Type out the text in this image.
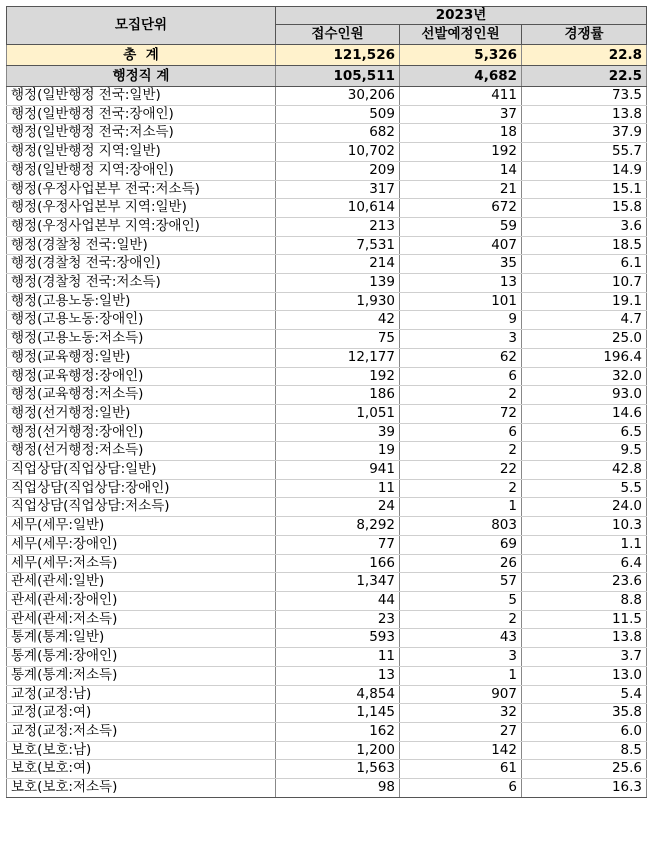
모집단위	2023년		
	접수인원	선발예정인원	경쟁률
총  계	121,526	5,326	22.8
행정직 계	105,511	4,682	22.5
행정(일반행정 전국:일반)	30,206	411	73.5
행정(일반행정 전국:장애인)	509	37	13.8
행정(일반행정 전국:저소득)	682	18	37.9
행정(일반행정 지역:일반)	10,702	192	55.7
행정(일반행정 지역:장애인)	209	14	14.9
행정(우정사업본부 전국:저소득)	317	21	15.1
행정(우정사업본부 지역:일반)	10,614	672	15.8
행정(우정사업본부 지역:장애인)	213	59	3.6
행정(경찰청 전국:일반)	7,531	407	18.5
행정(경찰청 전국:장애인)	214	35	6.1
행정(경찰청 전국:저소득)	139	13	10.7
행정(고용노동:일반)	1,930	101	19.1
행정(고용노동:장애인)	42	9	4.7
행정(고용노동:저소득)	75	3	25.0
행정(교육행정:일반)	12,177	62	196.4
행정(교육행정:장애인)	192	6	32.0
행정(교육행정:저소득)	186	2	93.0
행정(선거행정:일반)	1,051	72	14.6
행정(선거행정:장애인)	39	6	6.5
행정(선거행정:저소득)	19	2	9.5
직업상담(직업상담:일반)	941	22	42.8
직업상담(직업상담:장애인)	11	2	5.5
직업상담(직업상담:저소득)	24	1	24.0
세무(세무:일반)	8,292	803	10.3
세무(세무:장애인)	77	69	1.1
세무(세무:저소득)	166	26	6.4
관세(관세:일반)	1,347	57	23.6
관세(관세:장애인)	44	5	8.8
관세(관세:저소득)	23	2	11.5
통계(통계:일반)	593	43	13.8
통계(통계:장애인)	11	3	3.7
통계(통계:저소득)	13	1	13.0
교정(교정:남)	4,854	907	5.4
교정(교정:여)	1,145	32	35.8
교정(교정:저소득)	162	27	6.0
보호(보호:남)	1,200	142	8.5
보호(보호:여)	1,563	61	25.6
보호(보호:저소득)	98	6	16.3
